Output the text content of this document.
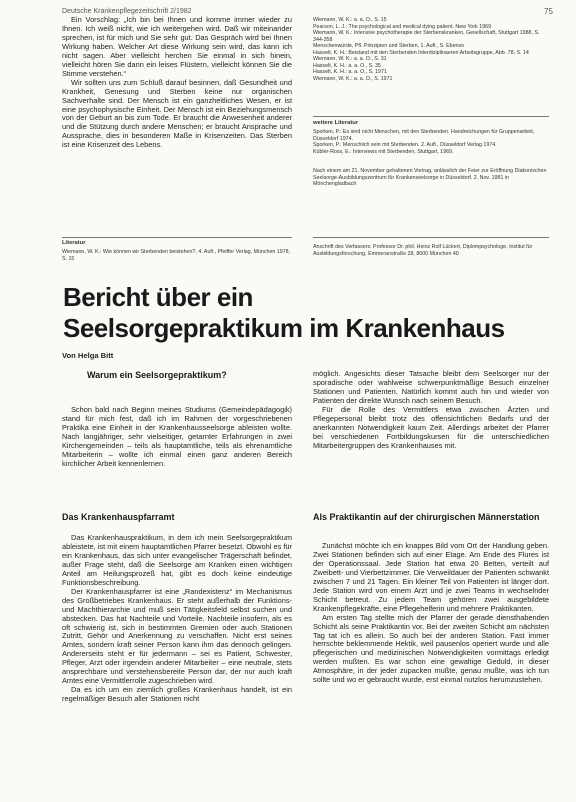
Deutsche Krankenpflegezeitschrift 2/1982	75

Ein Vorschlag: „Ich bin bei Ihnen und komme immer wieder zu Ihnen. Ich weiß nicht, wie ich weitergehen wird. Daß wir miteinander sprechen, ist für mich und Sie sehr gut. Das Gespräch wird bei Ihnen Wirkung haben. Welcher Art diese Wirkung sein wird, das kann ich nicht sagen. Aber vielleicht herchen Sie einmal in sich hinein, vielleicht hören Sie dann ein leises Flüstern, vielleicht können Sie die Stimme verstehen.“

Wir sollten uns zum Schluß darauf besinnen, daß Gesundheit und Krankheit, Genesung und Sterben keine nur organischen Sachverhalte sind. Der Mensch ist ein ganzheitliches Wesen, er ist eine psychophysische Einheit. Der Mensch ist ein Beziehungsmensch von der Geburt an bis zum Tode. Er braucht die Anwesenheit anderer und die Stützung durch andere Menschen; er braucht Ansprache und Aussprache, dies in besonderen Maße in Krisenzeiten. Das Sterben ist eine Krisenzeit des Lebens.

Literatur
Wiemann, W. K.: Wie können wir Sterbenden beistehen?, 4. Aufl., Pfeiffer Verlag, München 1978, S. 15
Wiemann, W. K.: a. a. O., S. 15
Pearson, L. J.: The psychological and medical dying patient. New York 1969
Wiemann, W. K.: Intensive psychotherapie der Sterbenskranken, Gesellschaft, Stuttgart 1988, S. 344-358
Menschenwürde, Pfl. Prinzipien und Sterben, 1. Aufl., S. Ebenso
Hasselt, K. H.: Beistand mit den Sterbenden Interdiziplinaeren Arbeitsgruppe, Abb. 78, S. 14
Wiemann, W. K.: a. a. O., S. 31
Hasselt, K. H.: a. a. O., S. 35
Hasselt, K. H.: a. a. O., S. 1971
Wiemann, W. K.: a. a. O., S. 1971
weitere Literatur
Sporken, P.: Es sind nicht Menschen, mit den Sterbenden. Handreichungen für Gruppenarbeit, Düsseldorf 1974.
Sporken, P.: Menschlich sein mit Sterbenden. 2. Aufl., Düsseldorf Verlag 1974.
Kübler-Ross, E.: Interviews mit Sterbenden, Stuttgart, 1969.
Nach einem am 21. November gehaltenen Vortrag, anlässlich der Feier zur Eröffnung Diakonischen Seelsorge-Ausbildungszentrum für Krankenseelsorge in Düsseldorf. 2. Nov. 1981 in Mönchengladbach
Anschrift des Verfassers: Professor Dr. phil. Heinz Rolf Lückert, Diplompsychologe, Institut für Ausbildungsforschung, Emmeranstraße 28, 8000 München 40
Bericht über ein
Seelsorgepraktikum im Krankenhaus
Von Helga Bitt
Warum ein Seelsorgepraktikum?

Schon bald nach Beginn meines Studiums (Gemeindepädagogik) stand für mich fest, daß ich im Rahmen der vorgeschriebenen Praktika eine Einheit in der Krankenhausseelsorge ableisten wollte. Nach langjähriger, sehr vielseitiger, getarnter Erfahrungen in zwei Kirchengemeinden – teils als hauptamtliche, teils als ehrenamtliche Mitarbeiterin – wollte ich einmal einen ganz anderen Bereich kirchlicher Arbeit kennenlernen.

Das Krankenhauspfarramt

Das Krankenhauspraktikum, in dem ich mein Seelsorgepraktikum ableistete, ist mit einem hauptamtlichen Pfarrer besetzt. Obwohl es für ein Krankenhaus, das sich unter evangelischer Trägerschaft befindet, außer Frage steht, daß die Seelsorge am Kranken einen wichtigen Anteil am Heilungsprozeß hat, gibt es doch keine eindeutige Funktionsbeschreibung.

Der Krankenhauspfarrer ist eine „Randexistenz“ im Mechanismus des Großbetriebes Krankenhaus. Er steht außerhalb der Funktions- und Machthierarchie und muß sein Tätigkeitsfeld selbst suchen und abstecken. Das hat Nachteile und Vorteile. Nachteile insofern, als es oft schwierig ist, sich in bestimmten Gremien oder auch Stationen Zutritt, Gehör und Anerkennung zu verschaffen. Nicht erst seines Amtes, sondern kraft seiner Person kann ihm das dennoch gelingen. Andererseits steht er für jedermann – sei es Patient, Schwester, Pfleger, Arzt oder irgendein anderer Mitarbeiter – eine neutrale, stets ansprechbare und verstehensbereite Person dar, der nur auch kraft Amtes eine Vermittlerrolle zugeschrieben wird.

Da es ich um ein ziemlich großes Krankenhaus handelt, ist ein regelmäßiger Besuch aller Stationen nicht

möglich. Angesichts dieser Tatsache bleibt dem Seelsorger nur der sporadische oder wahlweise schwerpunktmäßige Besuch einzelner Stationen und Patienten. Natürlich kommt auch hin und wieder von Patienten der direkte Wunsch nach seinem Besuch.

Für die Rolle des Vermittlers etwa zwischen Ärzten und Pflegepersonal bleibt trotz des offensichtlichen Bedarfs und der anerkannten Notwendigkeit kaum Zeit. Allerdings arbeitet der Pfarrer bei verschiedenen Fortbildungskursen für die unterschiedlichen Mitarbeitergruppen des Krankenhauses mit.

Als Praktikantin auf der chirurgischen Männerstation

Zunächst möchte ich ein knappes Bild vom Ort der Handlung geben. Zwei Stationen befinden sich auf einer Etage. Am Ende des Flures ist der Operationssaal. Jede Station hat etwa 20 Betten, verteilt auf Zweibett- und Vierbettzimmer. Die Verweildauer der Patienten schwankt zwischen 7 und 21 Tagen. Ein kleiner Teil von Patienten ist länger dort. Jede Station wird von einem Arzt und je zwei Teams in wechselnder Schicht betreut. Zu jedem Team gehören zwei ausgebildete Krankenpflegekräfte, eine Pflegehelferin und mehrere Praktikanten.

Am ersten Tag stellte mich der Pfarrer der gerade diensthabenden Schicht als seine Praktikantin vor. Bei der zweiten Schicht am nächsten Tag tat ich es allein. So auch bei der anderen Station. Fast immer herrschte beklemmende Hektik, weil pausenlos operiert wurde und alle pflegerischen und medizinischen Notwendigkeiten vormittags erledigt werden mußten. Es war schon eine gewaltige Geduld, in dieser Atmosphäre, in der jeder zupacken mußte, genau mußte, was ich tun sollte und wo er gebraucht wurde, erst einmal nutzlos herumzustehen.
